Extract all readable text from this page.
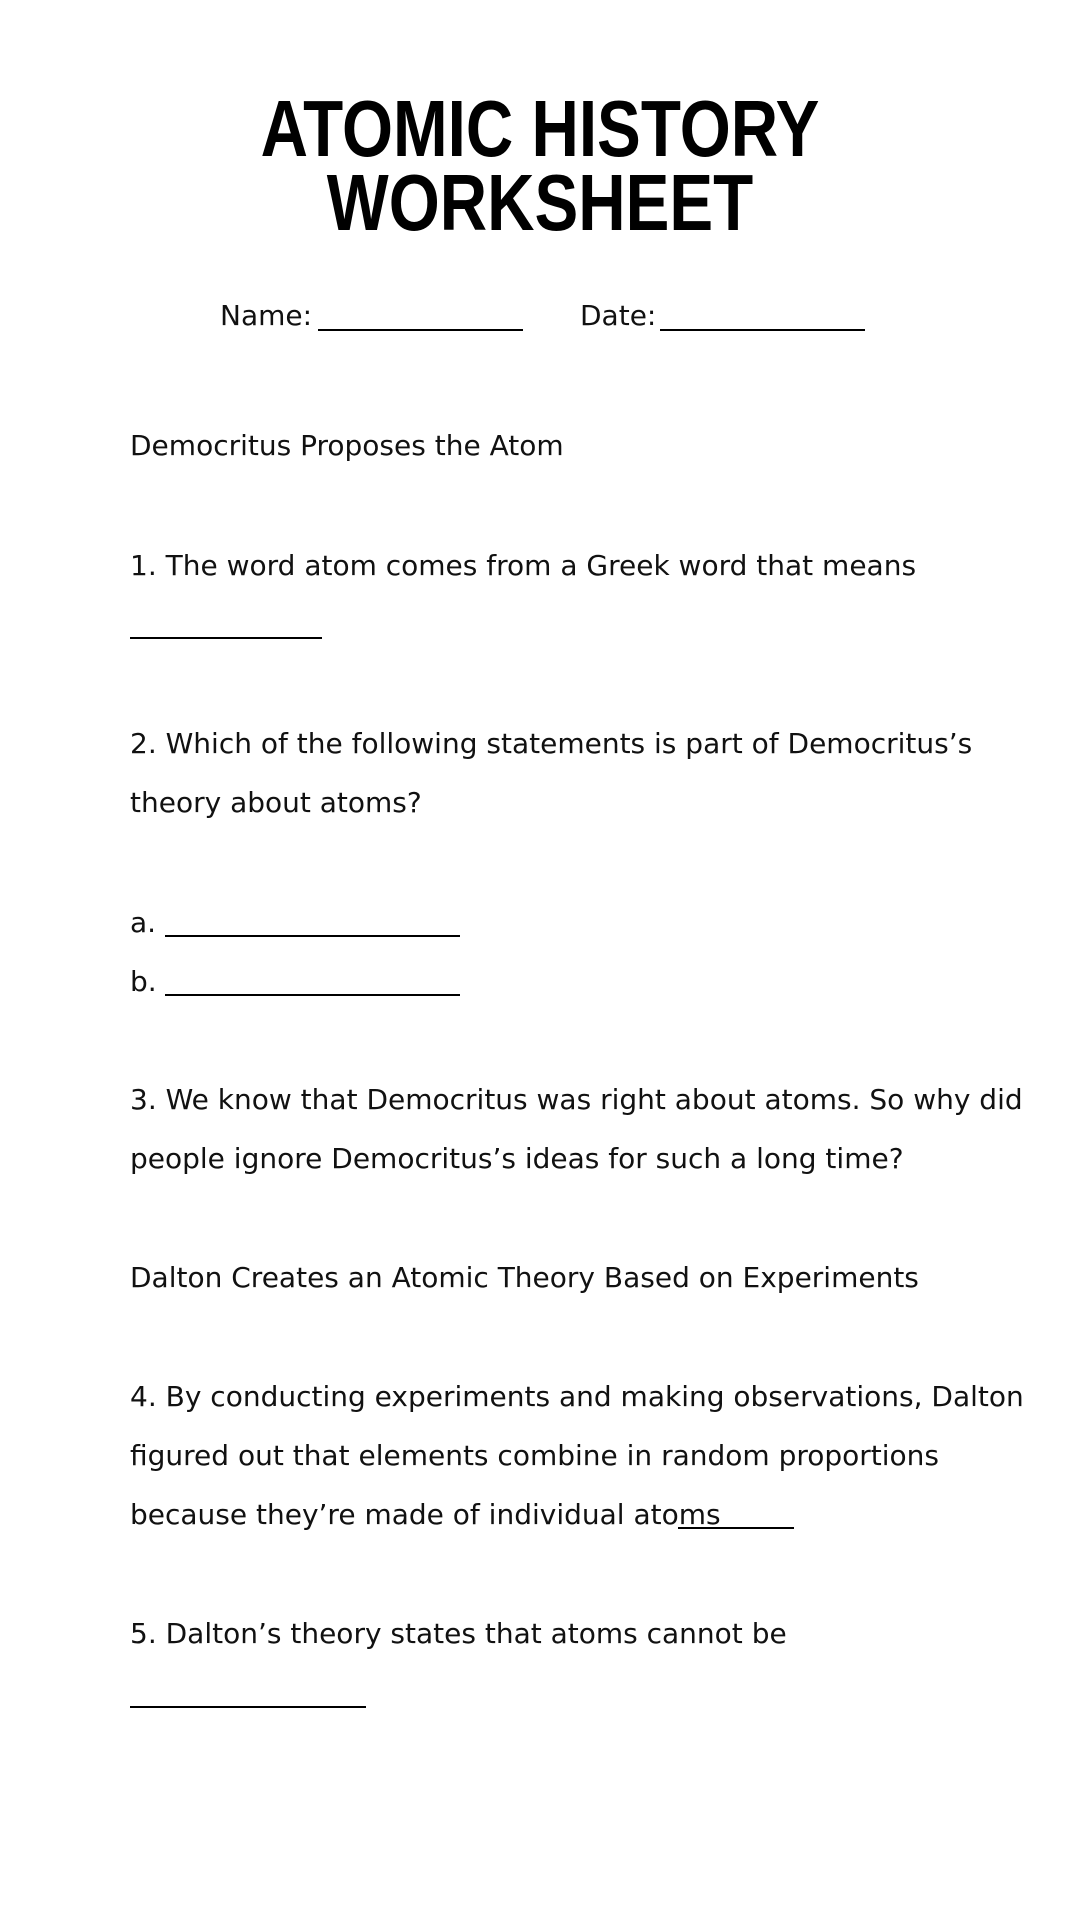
ATOMIC HISTORY
WORKSHEET
Name:	Date:
Democritus Proposes the Atom
1. The word atom comes from a Greek word that means
2. Which of the following statements is part of Democritus’s
theory about atoms?
a.
b.
3. We know that Democritus was right about atoms. So why did
people ignore Democritus’s ideas for such a long time?
Dalton Creates an Atomic Theory Based on Experiments
4. By conducting experiments and making observations, Dalton
figured out that elements combine in random proportions
because they’re made of individual atoms
5. Dalton’s theory states that atoms cannot be
